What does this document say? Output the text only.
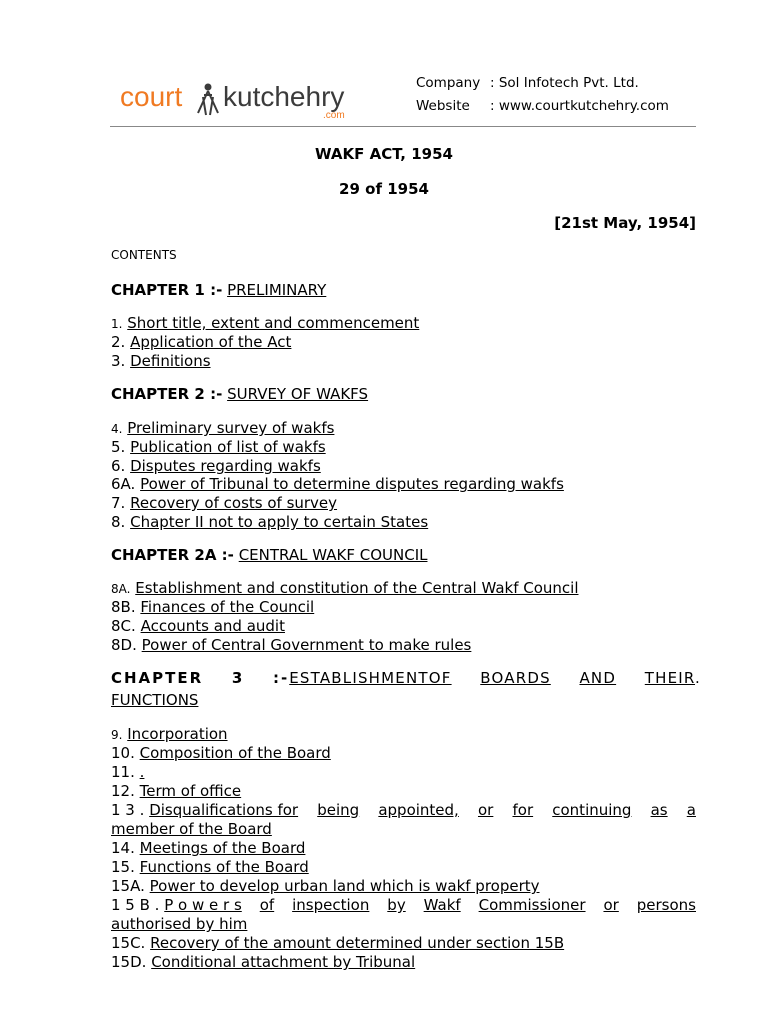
court kutchehry
.com
Company : Sol Infotech Pvt. Ltd.
Website : www.courtkutchehry.com
WAKF ACT, 1954
29 of 1954
[21st May, 1954]
CONTENTS
CHAPTER 1 :- PRELIMINARY
1. Short title, extent and commencement
2. Application of the Act
3. Definitions
CHAPTER 2 :- SURVEY OF WAKFS
4. Preliminary survey of wakfs
5. Publication of list of wakfs
6. Disputes regarding wakfs
6A. Power of Tribunal to determine disputes regarding wakfs
7. Recovery of costs of survey
8. Chapter II not to apply to certain States
CHAPTER 2A :- CENTRAL WAKF COUNCIL
8A. Establishment and constitution of the Central Wakf Council
8B. Finances of the Council
8C. Accounts and audit
8D. Power of Central Government to make rules
CHAPTER 3 :-ESTABLISHMENTOF BOARDS AND THEIR.
FUNCTIONS
9. Incorporation
10. Composition of the Board
11. .
12. Term of office
1 3 . Disqualifications for being appointed, or for continuing as a
member of the Board
14. Meetings of the Board
15. Functions of the Board
15A. Power to develop urban land which is wakf property
1 5 B . P o w e r s of inspection by Wakf Commissioner or persons
authorised by him
15C. Recovery of the amount determined under section 15B
15D. Conditional attachment by Tribunal
